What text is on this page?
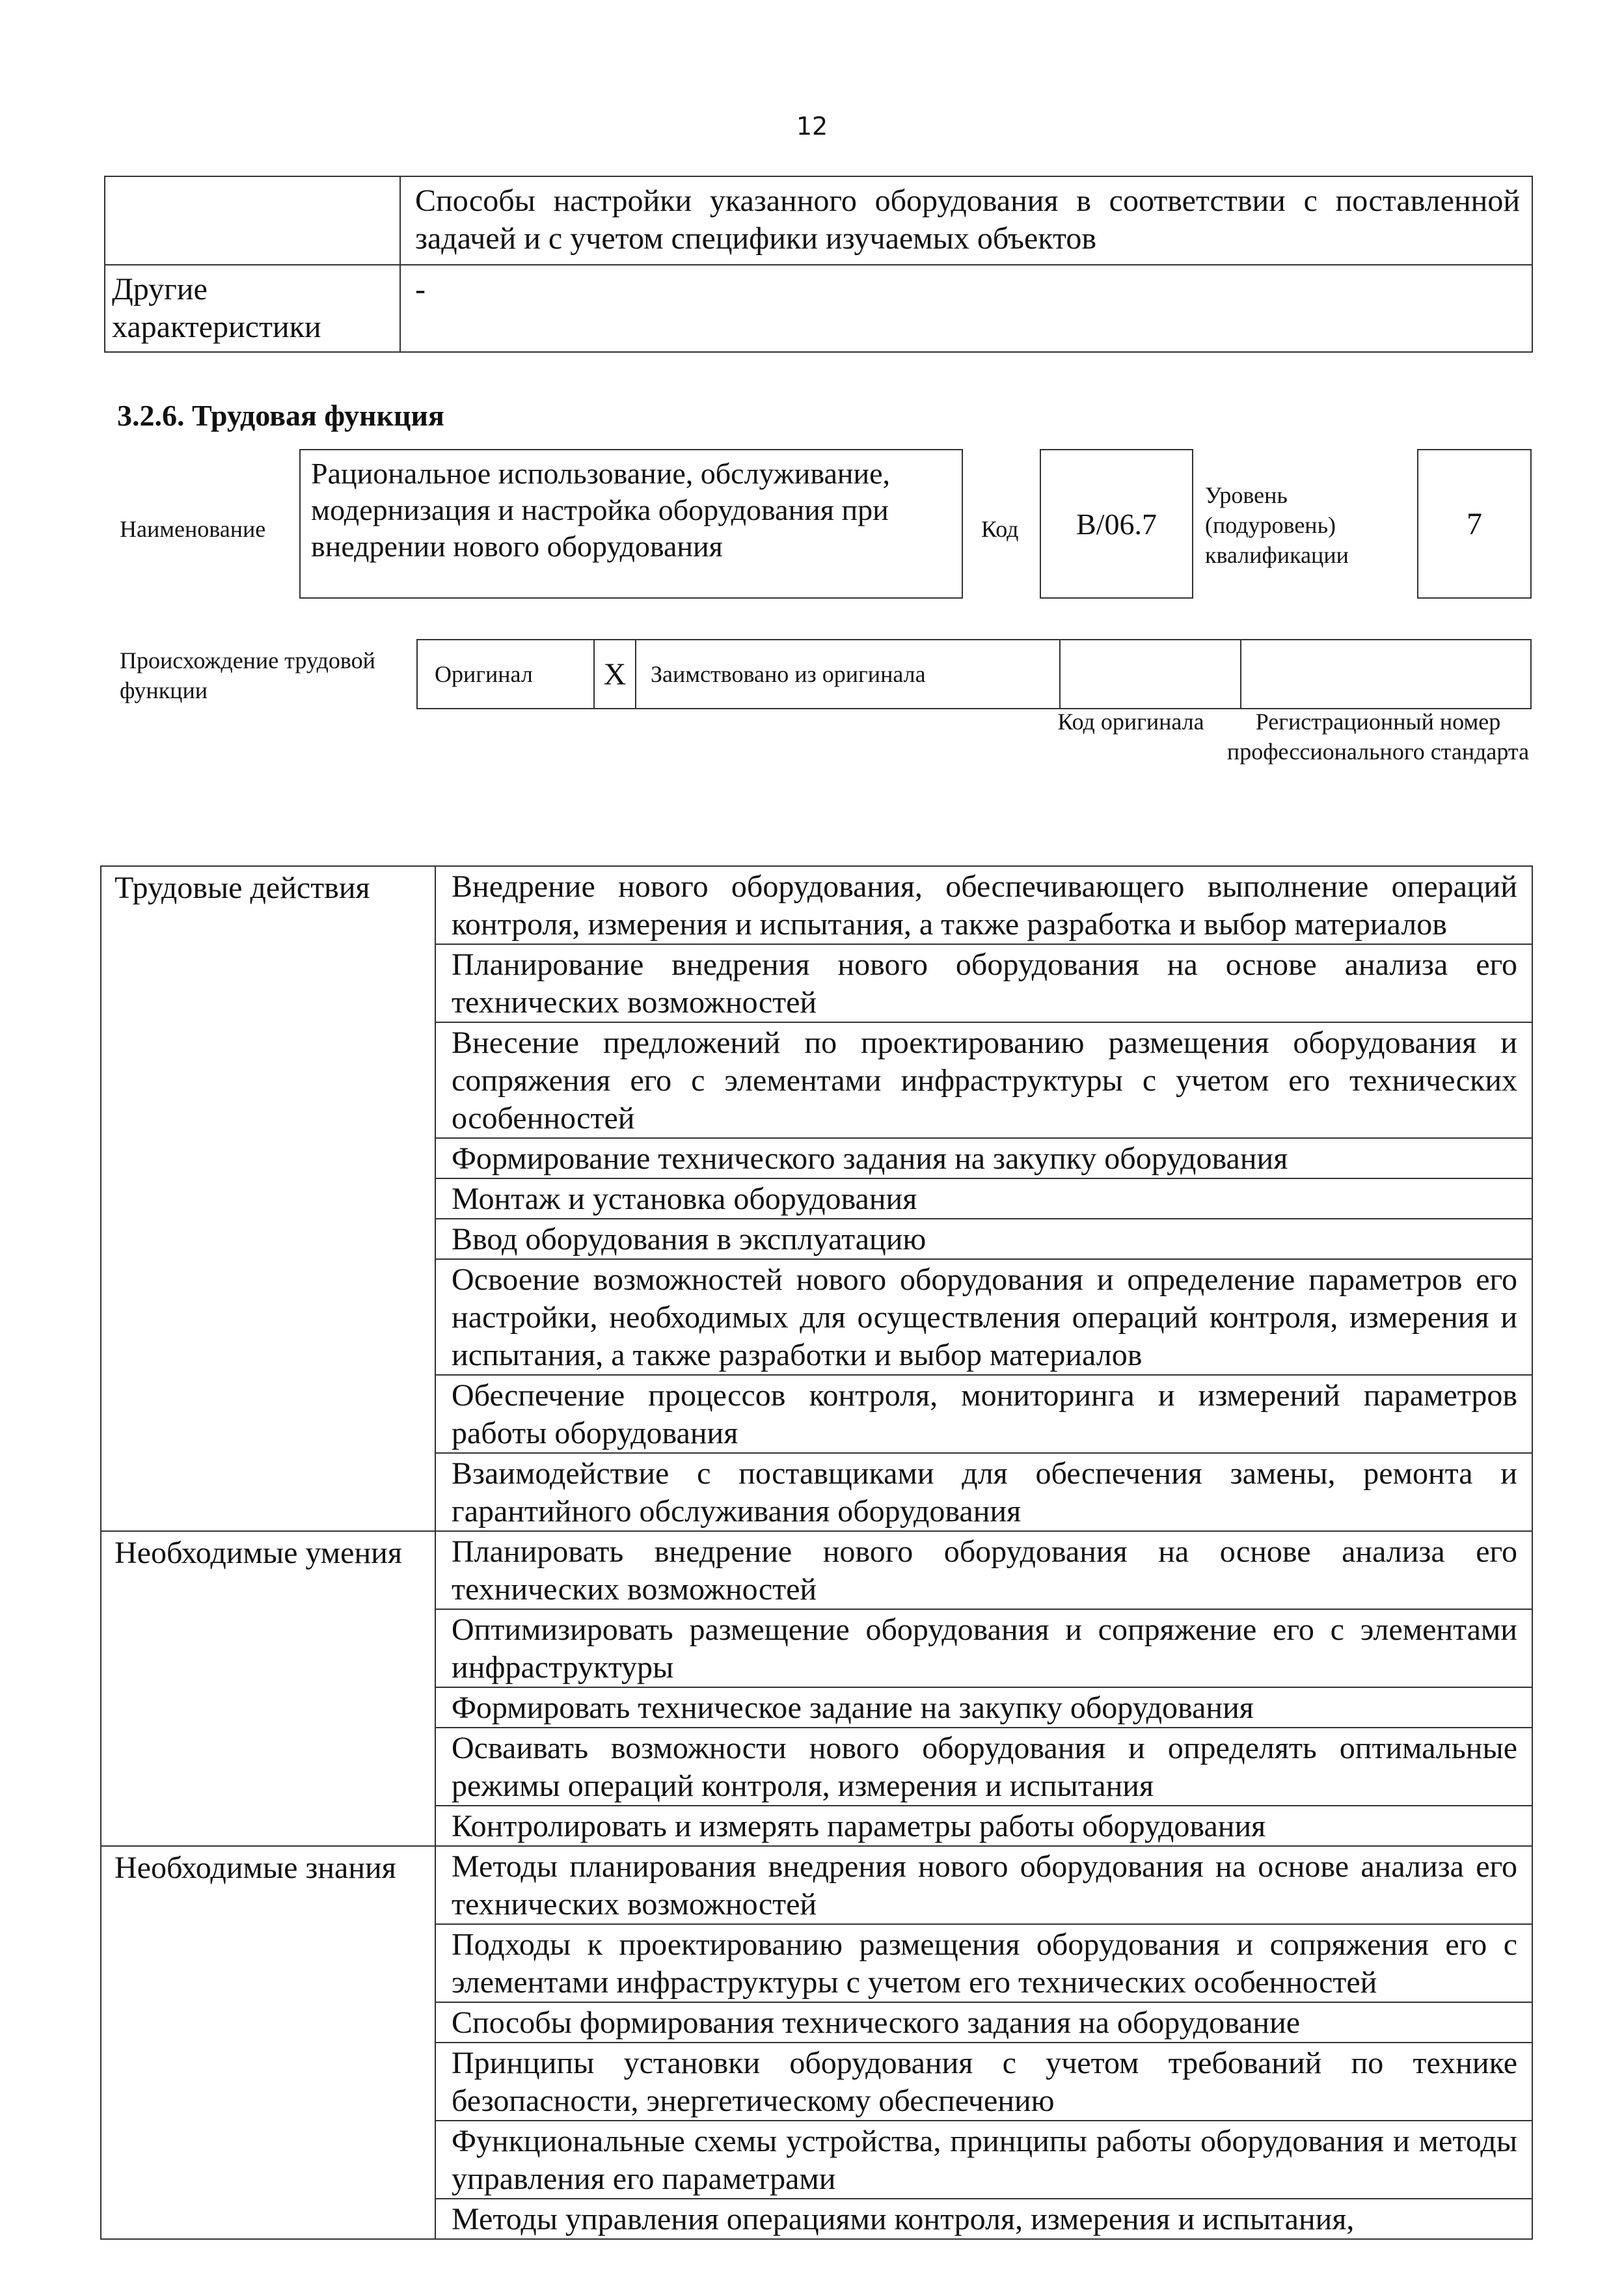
12
	Способы настройки указанного оборудования в соответствии с поставленной задачей и с учетом специфики изучаемых объектов
Другие характеристики	-
3.2.6. Трудовая функция
Наименование
Рациональное использование, обслуживание, модернизация и настройка оборудования при внедрении нового оборудования
Код В/06.7
Уровень (подуровень) квалификации
7
Происхождение трудовой функции
Оригинал	X	Заимствовано из оригинала		
Код оригинала	Регистрационный номер профессионального стандарта
Трудовые действия	Внедрение нового оборудования, обеспечивающего выполнение операций контроля, измерения и испытания, а также разработка и выбор материалов
	Планирование внедрения нового оборудования на основе анализа его технических возможностей
	Внесение предложений по проектированию размещения оборудования и сопряжения его с элементами инфраструктуры с учетом его технических особенностей
	Формирование технического задания на закупку оборудования
	Монтаж и установка оборудования
	Ввод оборудования в эксплуатацию
	Освоение возможностей нового оборудования и определение параметров его настройки, необходимых для осуществления операций контроля, измерения и испытания, а также разработки и выбор материалов
	Обеспечение процессов контроля, мониторинга и измерений параметров работы оборудования
	Взаимодействие с поставщиками для обеспечения замены, ремонта и гарантийного обслуживания оборудования
Необходимые умения	Планировать внедрение нового оборудования на основе анализа его технических возможностей
	Оптимизировать размещение оборудования и сопряжение его с элементами инфраструктуры
	Формировать техническое задание на закупку оборудования
	Осваивать возможности нового оборудования и определять оптимальные режимы операций контроля, измерения и испытания
	Контролировать и измерять параметры работы оборудования
Необходимые знания	Методы планирования внедрения нового оборудования на основе анализа его технических возможностей
	Подходы к проектированию размещения оборудования и сопряжения его с элементами инфраструктуры с учетом его технических особенностей
	Способы формирования технического задания на оборудование
	Принципы установки оборудования с учетом требований по технике безопасности, энергетическому обеспечению
	Функциональные схемы устройства, принципы работы оборудования и методы управления его параметрами
	Методы управления операциями контроля, измерения и испытания,
